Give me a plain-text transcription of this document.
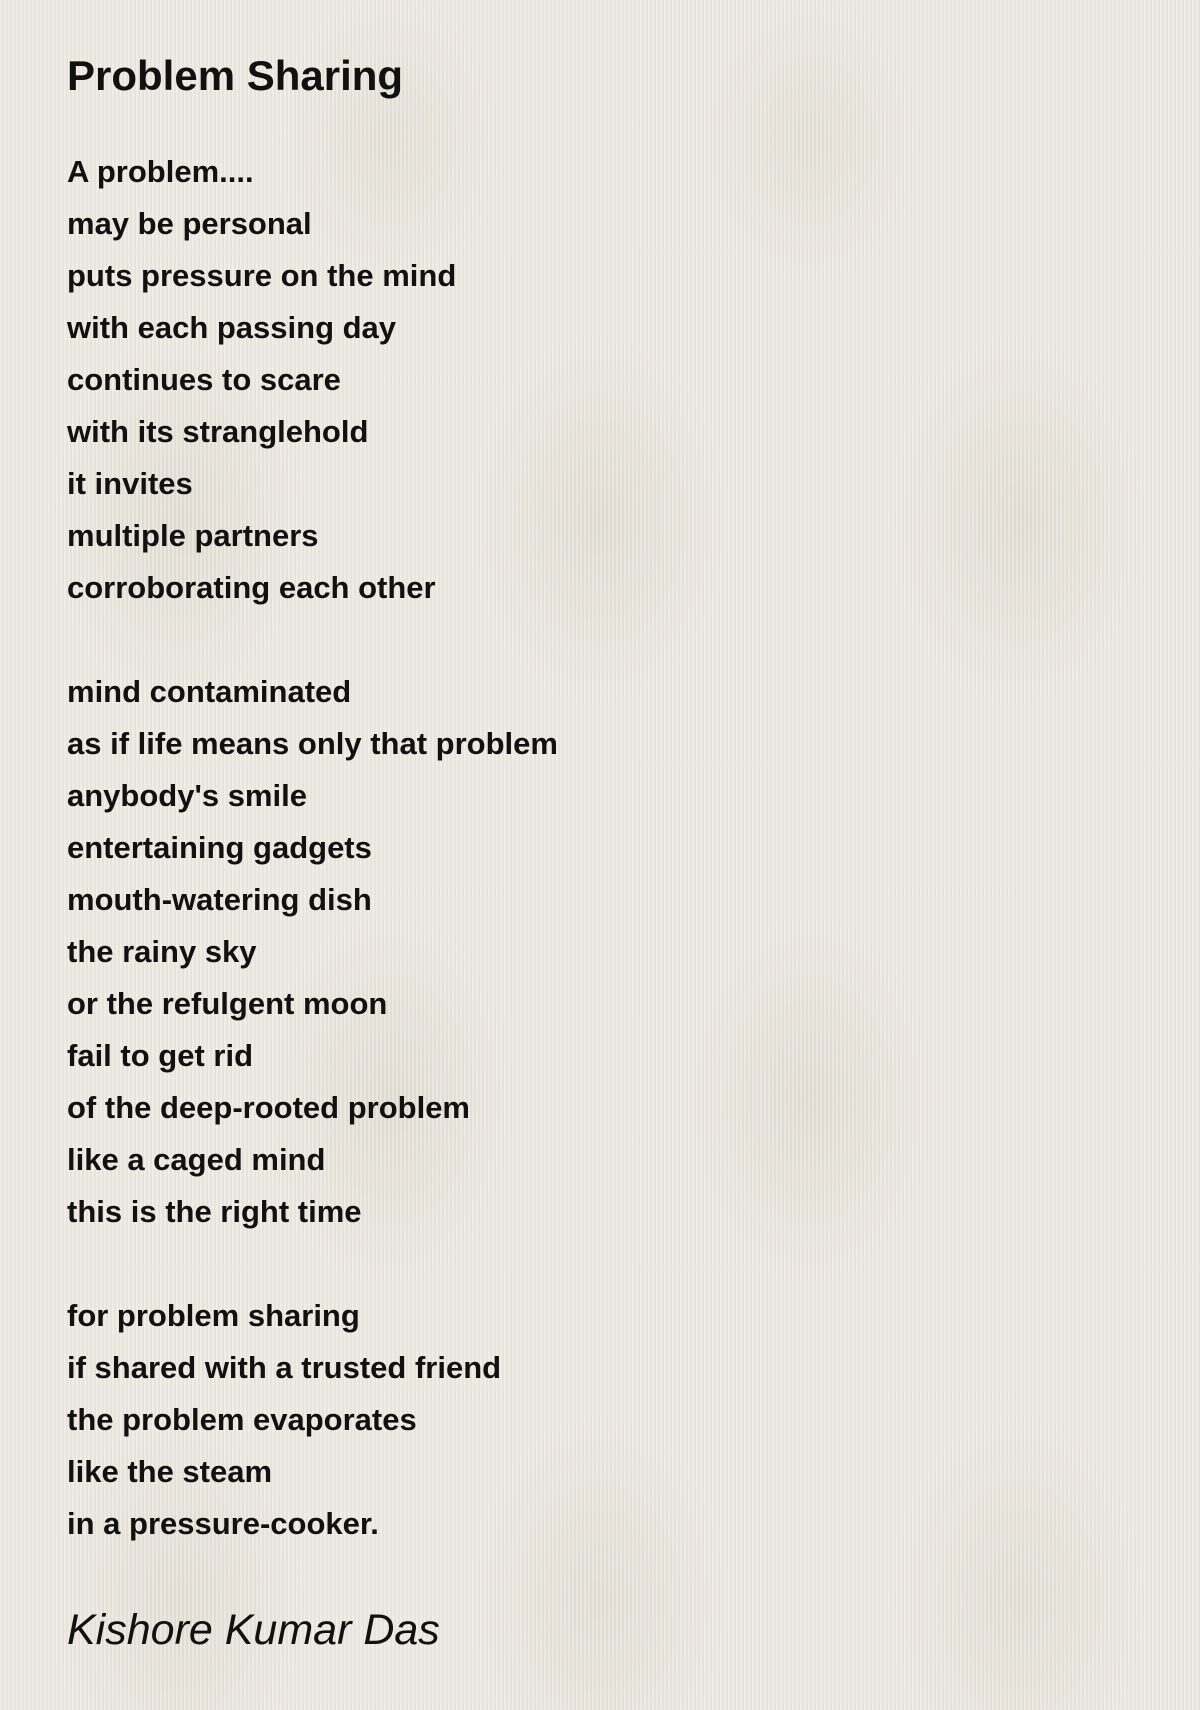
Problem Sharing
A problem....
may be personal
puts pressure on the mind
with each passing day
continues to scare
with its stranglehold
it invites
multiple partners
corroborating each other
mind contaminated
as if life means only that problem
anybody's smile
entertaining gadgets
mouth-watering dish
the rainy sky
or the refulgent moon
fail to get rid
of the deep-rooted problem
like a caged mind
this is the right time
for problem sharing
if shared with a trusted friend
the problem evaporates
like the steam
in a pressure-cooker.

Kishore Kumar Das
